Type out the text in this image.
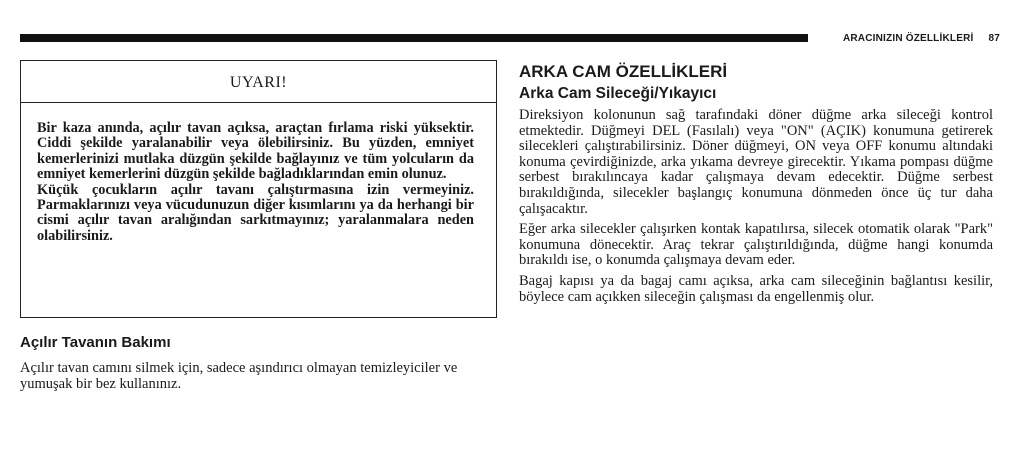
ARACINIZIN ÖZELLİKLERİ 87
UYARI!

Bir kaza anında, açılır tavan açıksa, araçtan fırlama riski yüksektir. Ciddi şekilde yaralanabilir veya ölebilirsiniz. Bu yüzden, emniyet kemerlerinizi mutlaka düzgün şekilde bağlayınız ve tüm yolcuların da emniyet kemerlerini düzgün şekilde bağladıklarından emin olunuz.

Küçük çocukların açılır tavanı çalıştırmasına izin vermeyiniz. Parmaklarınızı veya vücudunuzun diğer kısımlarını ya da herhangi bir cismi açılır tavan aralığından sarkıtmayınız; yaralanmalara neden olabilirsiniz.

Açılır Tavanın Bakımı

Açılır tavan camını silmek için, sadece aşındırıcı olmayan temizleyiciler ve yumuşak bir bez kullanınız.

ARKA CAM ÖZELLİKLERİ
Arka Cam Sileceği/Yıkayıcı

Direksiyon kolonunun sağ tarafındaki döner düğme arka sileceği kontrol etmektedir. Düğmeyi DEL (Fasılalı) veya "ON" (AÇIK) konumuna getirerek silecekleri çalıştırabilirsiniz. Döner düğmeyi, ON veya OFF konumu altındaki konuma çevirdiğinizde, arka yıkama devreye girecektir. Yıkama pompası düğme serbest bırakılıncaya kadar çalışmaya devam edecektir. Düğme serbest bırakıldığında, silecekler başlangıç konumuna dönmeden önce üç tur daha çalışacaktır.

Eğer arka silecekler çalışırken kontak kapatılırsa, silecek otomatik olarak "Park" konumuna dönecektir. Araç tekrar çalıştırıldığında, düğme hangi konumda bırakıldı ise, o konumda çalışmaya devam eder.

Bagaj kapısı ya da bagaj camı açıksa, arka cam sileceğinin bağlantısı kesilir, böylece cam açıkken sileceğin çalışması da engellenmiş olur.
